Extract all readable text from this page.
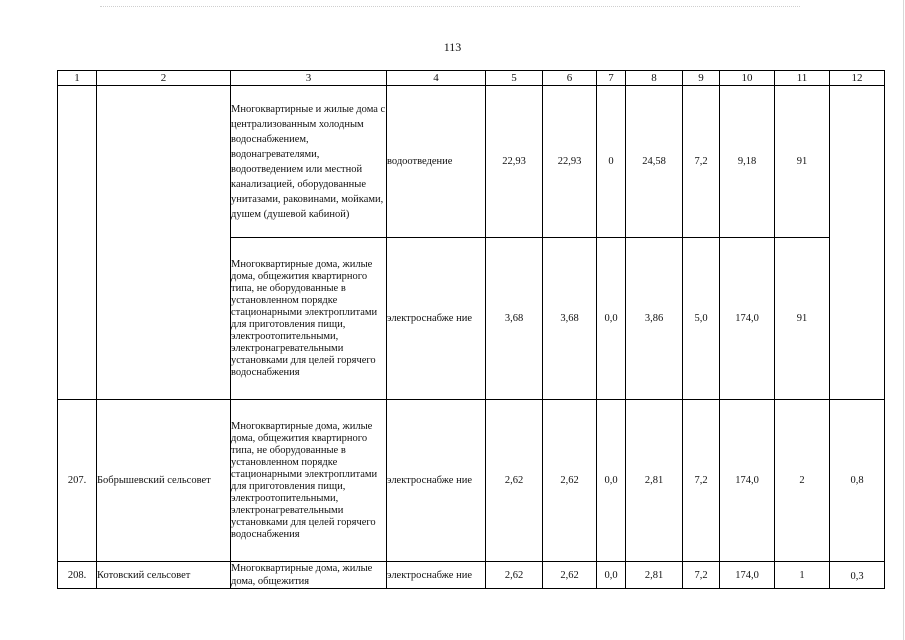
113
1	2	3	4	5	6	7	8	9	10	11	12
		Многоквартирные и жилые дома с централизованным холодным водоснабжением, водонагревателями, водоотведением или местной канализацией, оборудованные унитазами, раковинами, мойками, душем (душевой кабиной)	водоотведение	22,93	22,93	0	24,58	7,2	9,18	91	
		Многоквартирные дома, жилые дома, общежития квартирного типа, не оборудованные в установленном порядке стационарными электроплитами для приготовления пищи, электроотопительными, электронагревательными установками для целей горячего водоснабжения	электроснабже ние	3,68	3,68	0,0	3,86	5,0	174,0	91	
207.	Бобрышевский сельсовет	Многоквартирные дома, жилые дома, общежития квартирного типа, не оборудованные в установленном порядке стационарными электроплитами для приготовления пищи, электроотопительными, электронагревательными установками для целей горячего водоснабжения	электроснабже ние	2,62	2,62	0,0	2,81	7,2	174,0	2	0,8
208.	Котовский сельсовет	Многоквартирные дома, жилые дома, общежития	электроснабже ние	2,62	2,62	0,0	2,81	7,2	174,0	1	0,3
